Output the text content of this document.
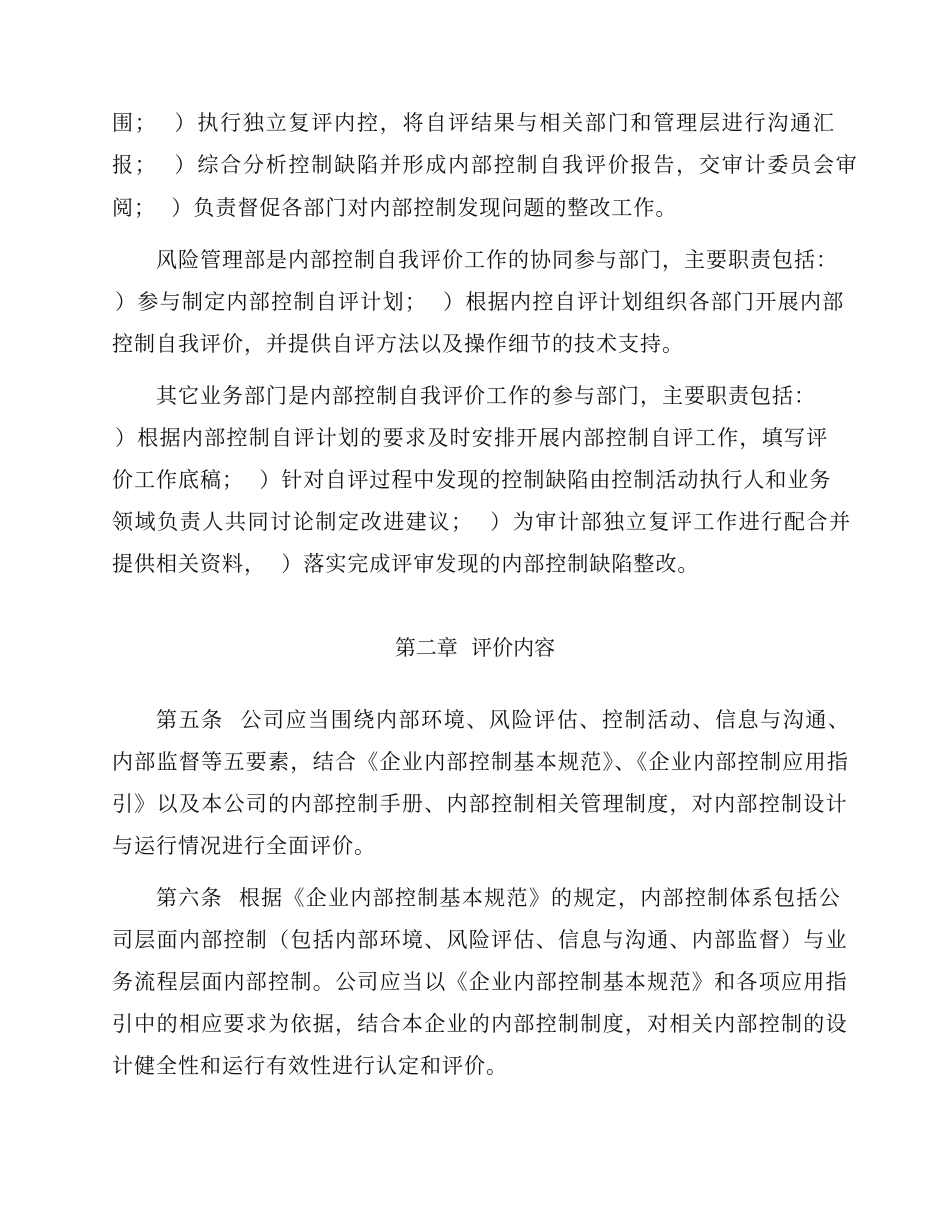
围；  ）执行独立复评内控，将自评结果与相关部门和管理层进行沟通汇
报；  ）综合分析控制缺陷并形成内部控制自我评价报告，交审计委员会审
阅；  ）负责督促各部门对内部控制发现问题的整改工作。
风险管理部是内部控制自我评价工作的协同参与部门，主要职责包括：
）参与制定内部控制自评计划；  ）根据内控自评计划组织各部门开展内部
控制自我评价，并提供自评方法以及操作细节的技术支持。
其它业务部门是内部控制自我评价工作的参与部门，主要职责包括：
）根据内部控制自评计划的要求及时安排开展内部控制自评工作，填写评
价工作底稿；  ）针对自评过程中发现的控制缺陷由控制活动执行人和业务
领域负责人共同讨论制定改进建议；  ）为审计部独立复评工作进行配合并
提供相关资料，  ）落实完成评审发现的内部控制缺陷整改。
第二章  评价内容
第五条  公司应当围绕内部环境、风险评估、控制活动、信息与沟通、
内部监督等五要素，结合《企业内部控制基本规范》、《企业内部控制应用指
引》以及本公司的内部控制手册、内部控制相关管理制度，对内部控制设计
与运行情况进行全面评价。
第六条  根据《企业内部控制基本规范》的规定，内部控制体系包括公
司层面内部控制（包括内部环境、风险评估、信息与沟通、内部监督）与业
务流程层面内部控制。公司应当以《企业内部控制基本规范》和各项应用指
引中的相应要求为依据，结合本企业的内部控制制度，对相关内部控制的设
计健全性和运行有效性进行认定和评价。
